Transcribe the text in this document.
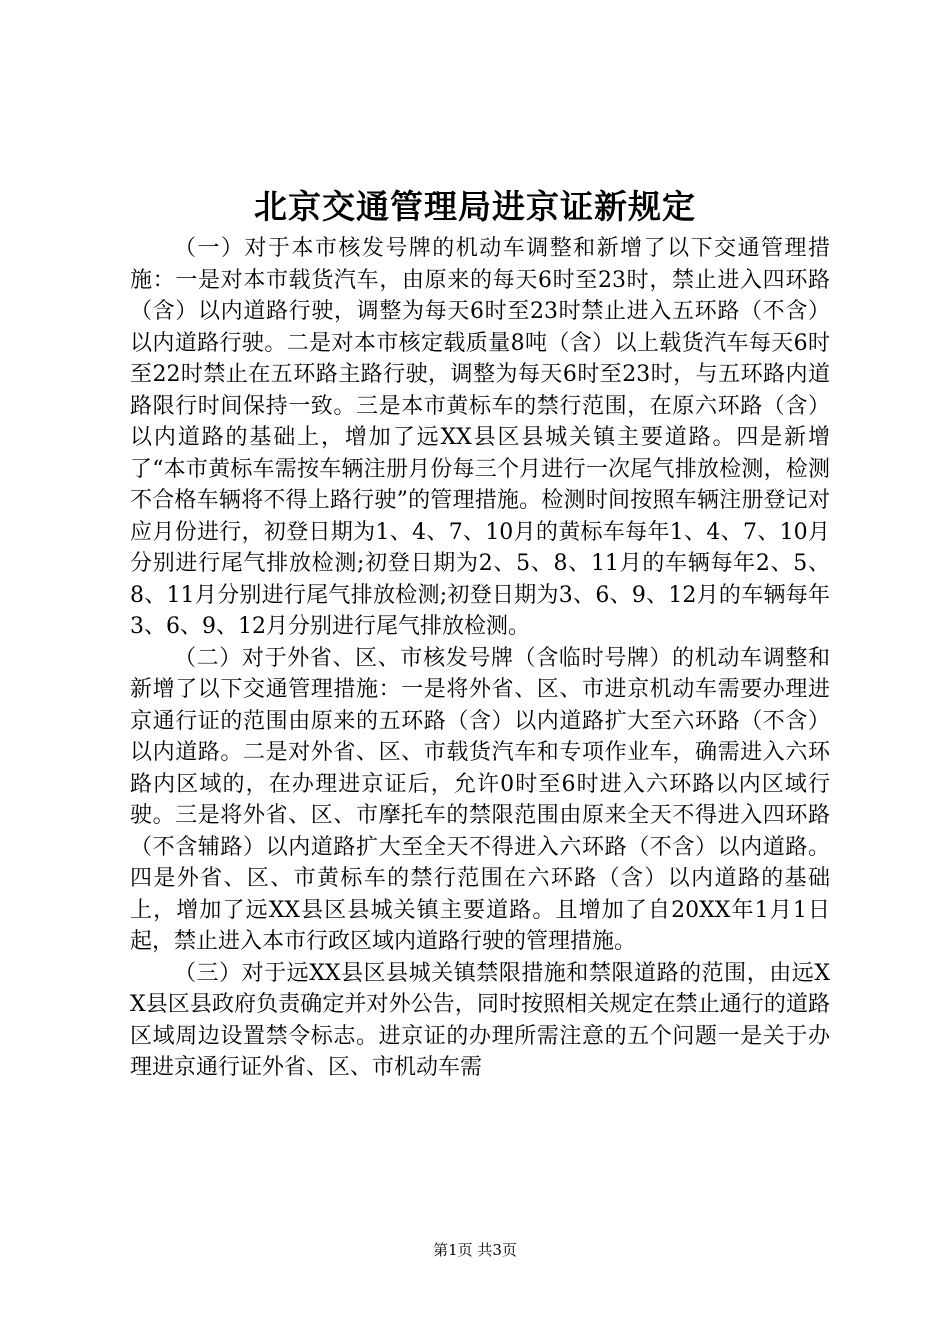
北京交通管理局进京证新规定

（一）对于本市核发号牌的机动车调整和新增了以下交通管理措施：一是对本市载货汽车，由原来的每天6时至23时，禁止进入四环路（含）以内道路行驶，调整为每天6时至23时禁止进入五环路（不含）以内道路行驶。二是对本市核定载质量8吨（含）以上载货汽车每天6时至22时禁止在五环路主路行驶，调整为每天6时至23时，与五环路内道路限行时间保持一致。三是本市黄标车的禁行范围，在原六环路（含）以内道路的基础上，增加了远XX县区县城关镇主要道路。四是新增了“本市黄标车需按车辆注册月份每三个月进行一次尾气排放检测，检测不合格车辆将不得上路行驶”的管理措施。检测时间按照车辆注册登记对应月份进行，初登日期为1、4、7、10月的黄标车每年1、4、7、10月分别进行尾气排放检测;初登日期为2、5、8、11月的车辆每年2、5、8、11月分别进行尾气排放检测;初登日期为3、6、9、12月的车辆每年3、6、9、12月分别进行尾气排放检测。

（二）对于外省、区、市核发号牌（含临时号牌）的机动车调整和新增了以下交通管理措施：一是将外省、区、市进京机动车需要办理进京通行证的范围由原来的五环路（含）以内道路扩大至六环路（不含）以内道路。二是对外省、区、市载货汽车和专项作业车，确需进入六环路内区域的，在办理进京证后，允许0时至6时进入六环路以内区域行驶。三是将外省、区、市摩托车的禁限范围由原来全天不得进入四环路（不含辅路）以内道路扩大至全天不得进入六环路（不含）以内道路。四是外省、区、市黄标车的禁行范围在六环路（含）以内道路的基础上，增加了远XX县区县城关镇主要道路。且增加了自20XX年1月1日起，禁止进入本市行政区域内道路行驶的管理措施。

（三）对于远XX县区县城关镇禁限措施和禁限道路的范围，由远XX县区县政府负责确定并对外公告，同时按照相关规定在禁止通行的道路区域周边设置禁令标志。进京证的办理所需注意的五个问题一是关于办理进京通行证外省、区、市机动车需

第1页 共3页
